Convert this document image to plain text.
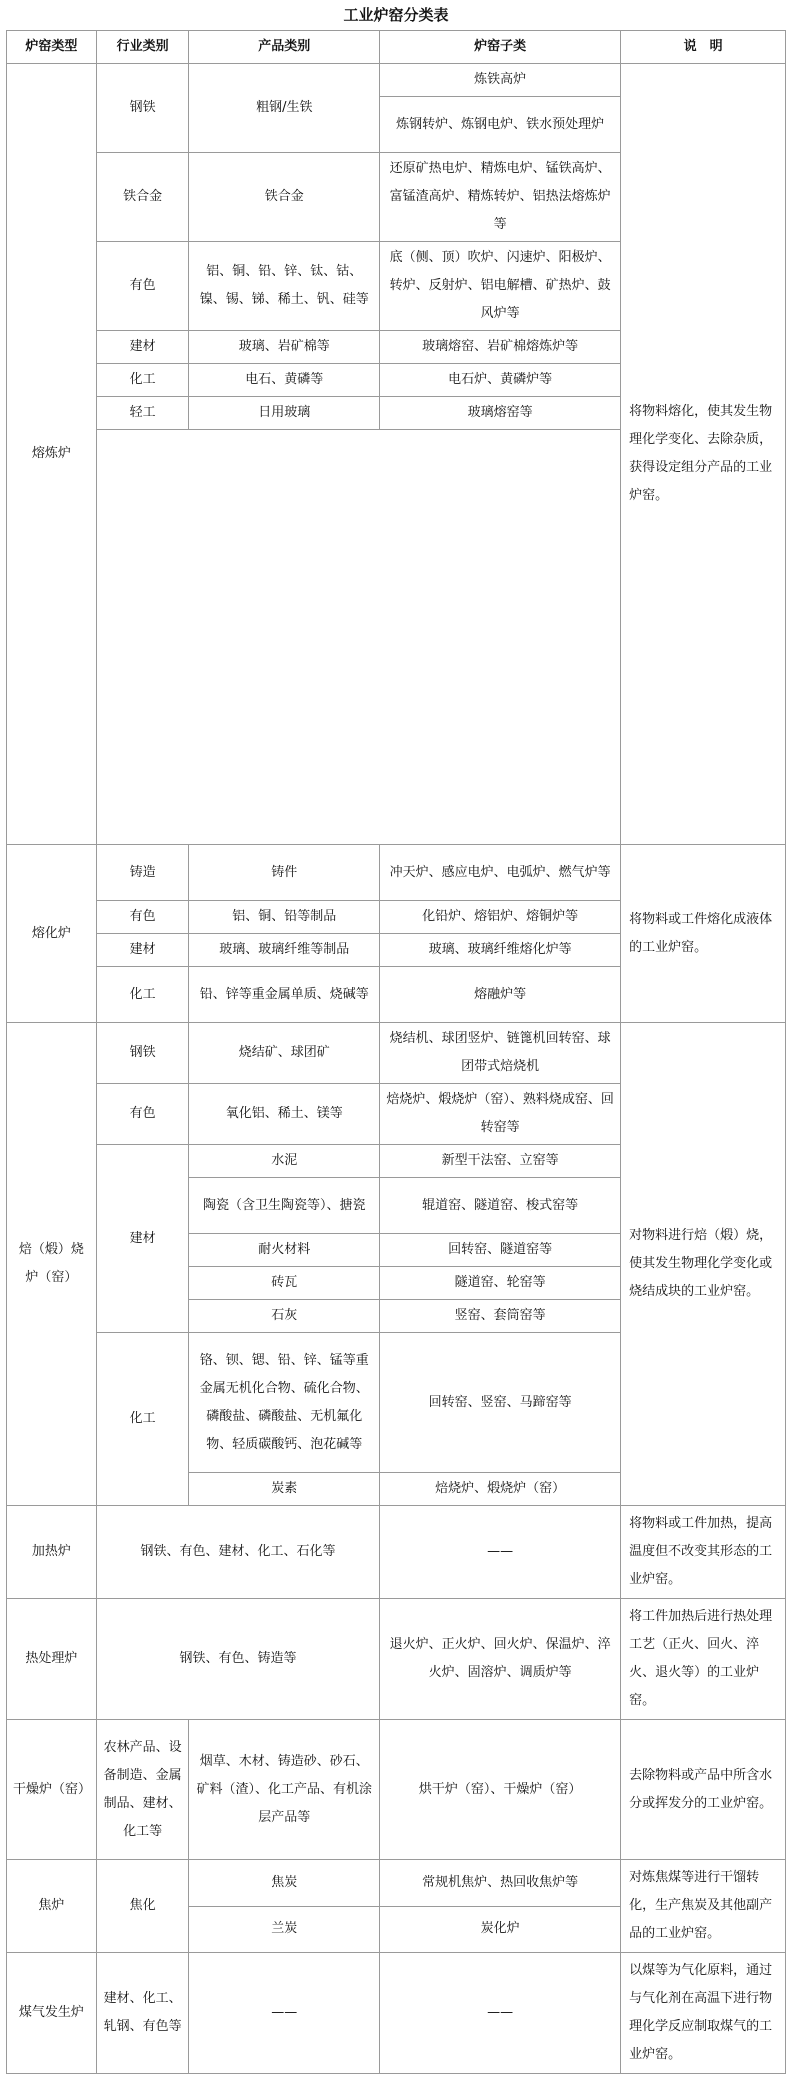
工业炉窑分类表
炉窑类型	行业类别	产品类别	炉窑子类	说　明
熔炼炉	钢铁	粗钢/生铁	炼铁高炉	将物料熔化，使其发生物理化学变化、去除杂质，获得设定组分产品的工业炉窑。
			炼钢转炉、炼钢电炉、铁水预处理炉	
	铁合金	铁合金	还原矿热电炉、精炼电炉、锰铁高炉、富锰渣高炉、精炼转炉、铝热法熔炼炉等	
	有色	铝、铜、铅、锌、钛、钴、镍、锡、锑、稀土、钒、硅等	底（侧、顶）吹炉、闪速炉、阳极炉、转炉、反射炉、铝电解槽、矿热炉、鼓风炉等	
	建材	玻璃、岩矿棉等	玻璃熔窑、岩矿棉熔炼炉等	
	化工	电石、黄磷等	电石炉、黄磷炉等	
	轻工	日用玻璃	玻璃熔窑等	

熔化炉	铸造	铸件	冲天炉、感应电炉、电弧炉、燃气炉等	将物料或工件熔化成液体的工业炉窑。
	有色	铝、铜、铅等制品	化铅炉、熔铝炉、熔铜炉等	
	建材	玻璃、玻璃纤维等制品	玻璃、玻璃纤维熔化炉等	
	化工	铅、锌等重金属单质、烧碱等	熔融炉等	
焙（煅）烧炉（窑）	钢铁	烧结矿、球团矿	烧结机、球团竖炉、链篦机回转窑、球团带式焙烧机	对物料进行焙（煅）烧，使其发生物理化学变化或烧结成块的工业炉窑。
	有色	氧化铝、稀土、镁等	焙烧炉、煅烧炉（窑）、熟料烧成窑、回转窑等	
	建材	水泥	新型干法窑、立窑等	
		陶瓷（含卫生陶瓷等）、搪瓷	辊道窑、隧道窑、梭式窑等	
		耐火材料	回转窑、隧道窑等	
		砖瓦	隧道窑、轮窑等	
		石灰	竖窑、套筒窑等	
	化工	铬、钡、锶、铅、锌、锰等重金属无机化合物、硫化合物、磷酸盐、磷酸盐、无机氟化物、轻质碳酸钙、泡花碱等	回转窑、竖窑、马蹄窑等	
		炭素	焙烧炉、煅烧炉（窑）	
加热炉	钢铁、有色、建材、化工、石化等		——	将物料或工件加热，提高温度但不改变其形态的工业炉窑。
热处理炉	钢铁、有色、铸造等		退火炉、正火炉、回火炉、保温炉、淬火炉、固溶炉、调质炉等	将工件加热后进行热处理工艺（正火、回火、淬火、退火等）的工业炉窑。
干燥炉（窑）	农林产品、设备制造、金属制品、建材、化工等	烟草、木材、铸造砂、砂石、矿料（渣）、化工产品、有机涂层产品等	烘干炉（窑）、干燥炉（窑）	去除物料或产品中所含水分或挥发分的工业炉窑。
焦炉	焦化	焦炭	常规机焦炉、热回收焦炉等	对炼焦煤等进行干馏转化，生产焦炭及其他副产品的工业炉窑。
		兰炭	炭化炉	
煤气发生炉	建材、化工、轧钢、有色等	——	——	以煤等为气化原料，通过与气化剂在高温下进行物理化学反应制取煤气的工业炉窑。
